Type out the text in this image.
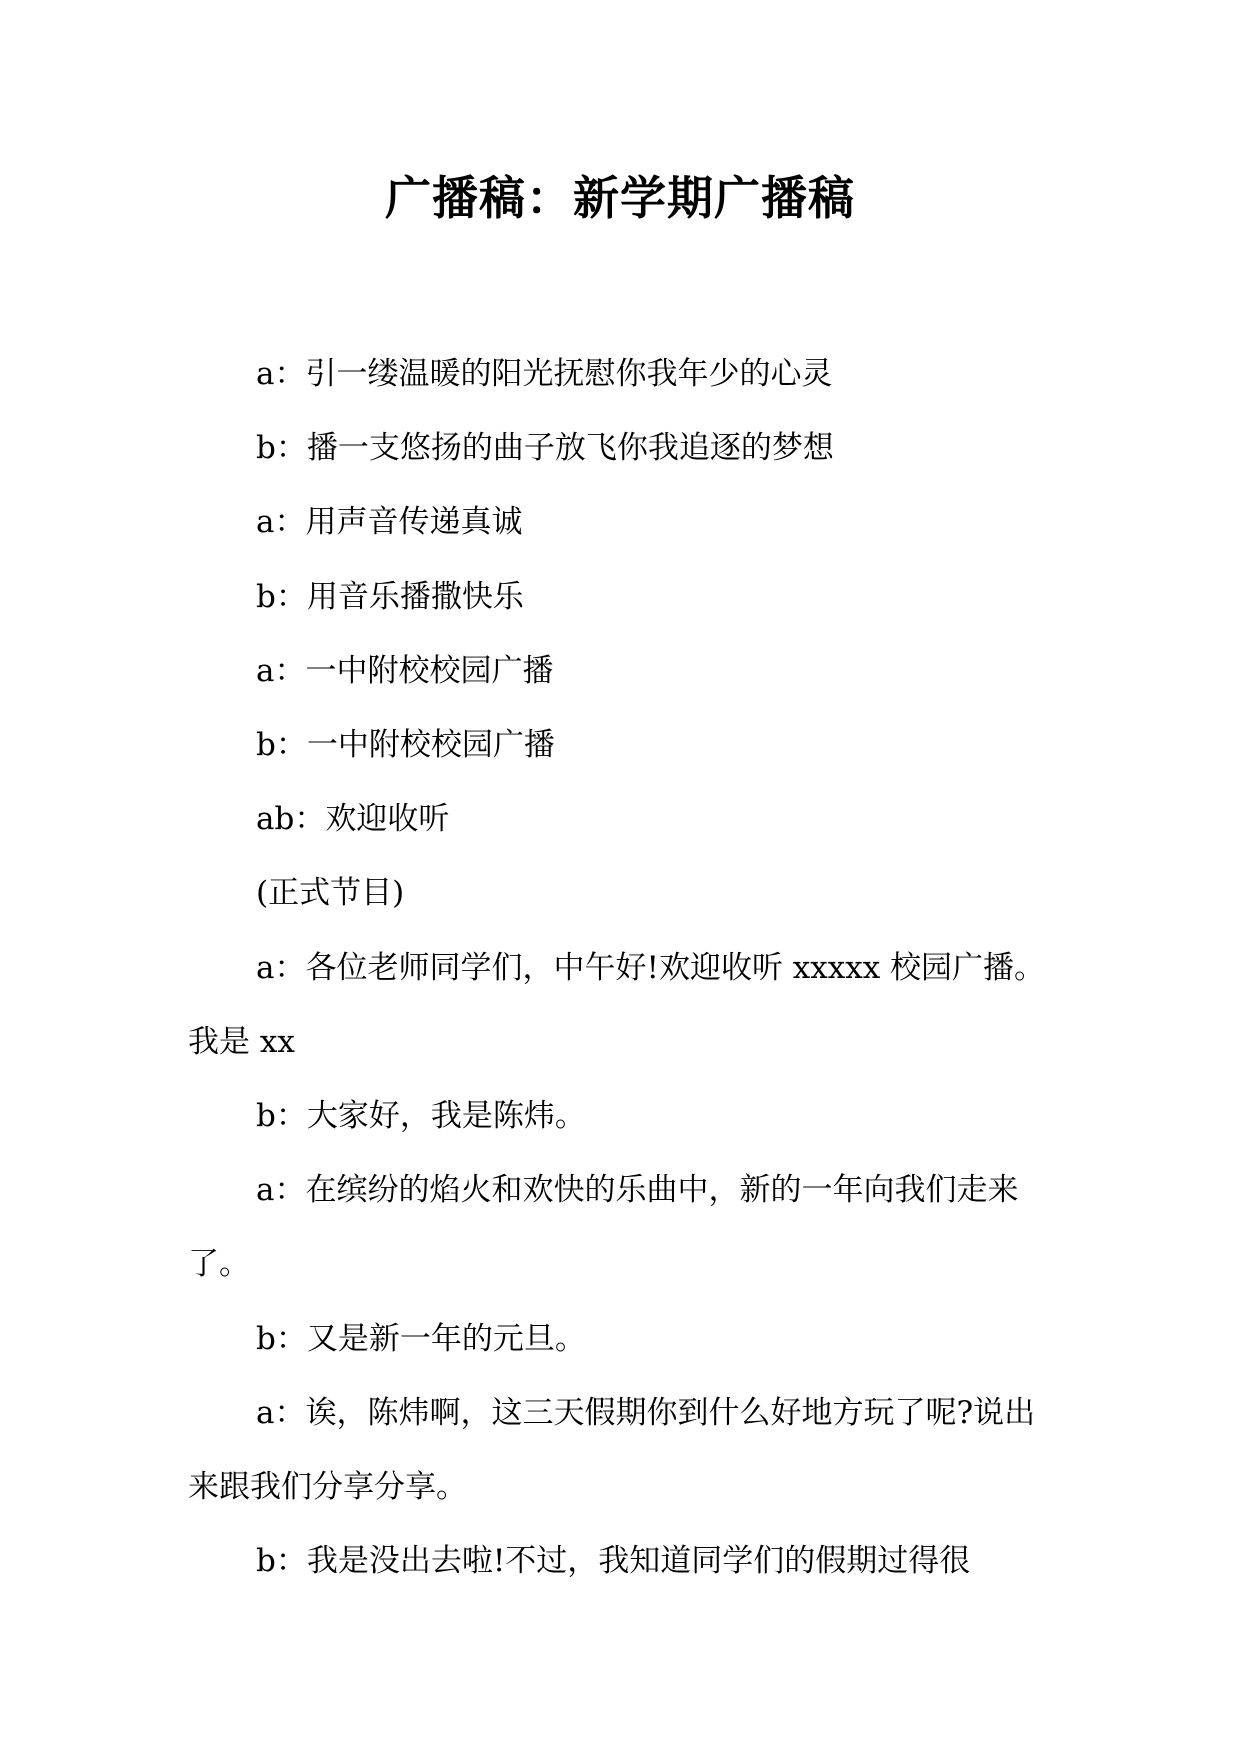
广播稿：新学期广播稿

a：引一缕温暖的阳光抚慰你我年少的心灵

b：播一支悠扬的曲子放飞你我追逐的梦想

a：用声音传递真诚

b：用音乐播撒快乐

a：一中附校校园广播

b：一中附校校园广播

ab：欢迎收听

(正式节目)

a：各位老师同学们，中午好!欢迎收听 xxxxx 校园广播。我是 xx

b：大家好，我是陈炜。

a：在缤纷的焰火和欢快的乐曲中，新的一年向我们走来了。

b：又是新一年的元旦。

a：诶，陈炜啊，这三天假期你到什么好地方玩了呢?说出来跟我们分享分享。

b：我是没出去啦!不过，我知道同学们的假期过得很
